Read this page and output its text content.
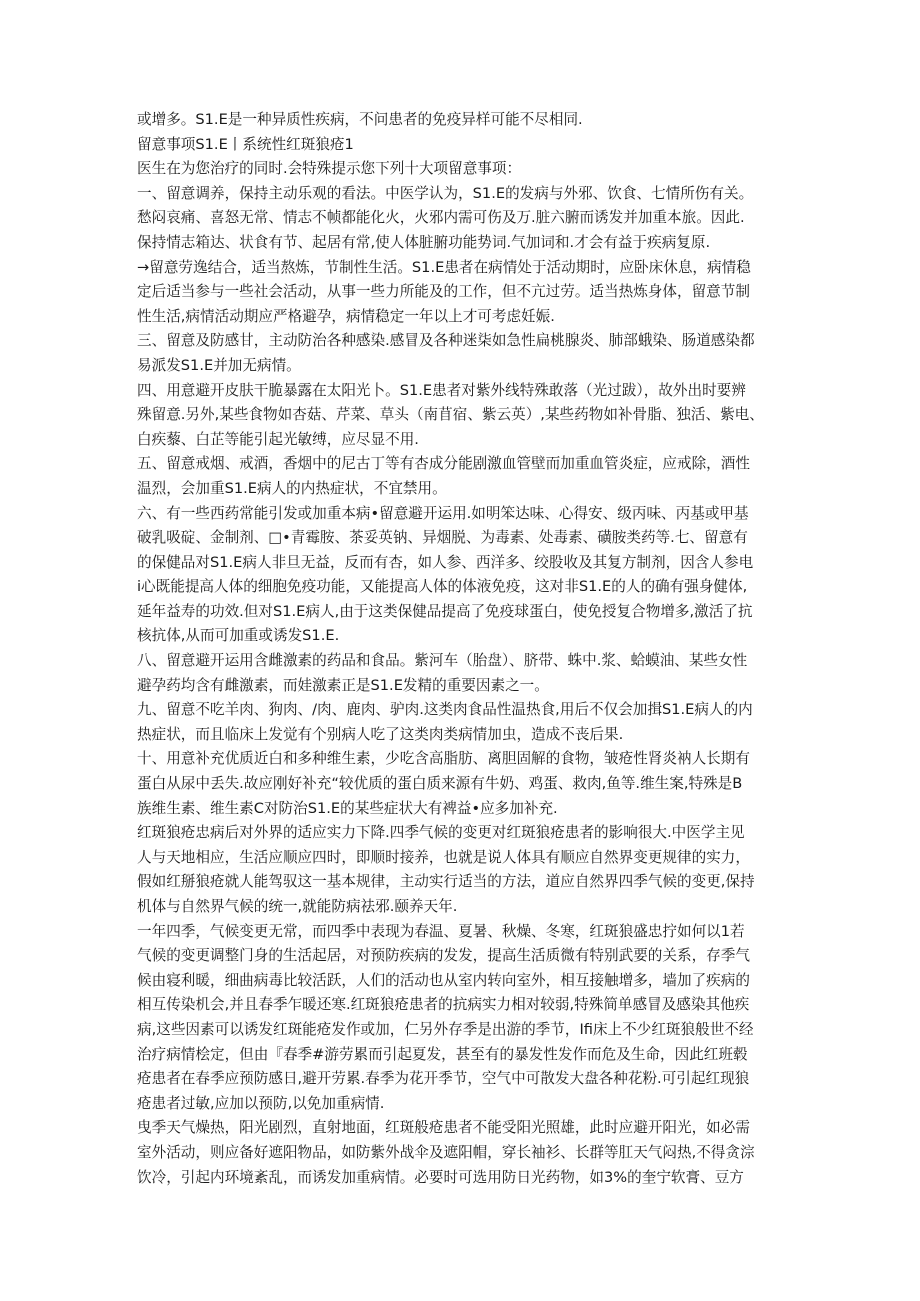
或增多。S1.E是一种异质性疾病，不问患者的免疫异样可能不尽相同.
留意事项S1.E丨系统性红斑狼疮1
医生在为您治疗的同时.会特殊提示您下列十大项留意事项：
一、留意调养，保持主动乐观的看法。中医学认为，S1.E的发病与外邪、饮食、七情所伤有关。
愁闷哀痛、喜怒无常、情志不帧都能化火，火邪内需可伤及万.脏六腑而诱发并加重本旅。因此.
保持情志箱达、状食有节、起居有常,使人体脏腑功能势词.气加词和.才会有益于疾病复原.
→留意劳逸结合，适当熬炼，节制性生活。S1.E患者在病情处于活动期时，应卧床休息，病情稳
定后适当参与一些社会活动，从事一些力所能及的工作，但不亢过劳。适当热炼身体，留意节制
性生活,病情活动期应严格避孕，病情稳定一年以上才可考虑妊娠.
三、留意及防感甘，主动防治各种感染.感冒及各种迷柒如急性扁桃腺炎、肺部蛾染、肠道感染都
易派发S1.E并加无病情。
四、用意避开皮肤干脆暴露在太阳光卜。S1.E患者对紫外线特殊敢落（光过跋），故外出时要辨
殊留意.另外,某些食物如杏菇、芹菜、草头（南苜宿、紫云英）,某些药物如补骨脂、独活、紫电、
白疾藜、白芷等能引起光敏缚，应尽显不用.
五、留意戒烟、戒酒，香烟中的尼古丁等有杏成分能剧激血管壁而加重血管炎症，应戒除，酒性
温烈，会加重S1.E病人的内热症状，不宜禁用。
六、有一些西药常能引发或加重本病•留意避开运用.如明笨达味、心得安、级丙味、丙基或甲基
破乳吸碇、金制剂、□•青霉胺、茶妥英钠、异烟脱、为毒素、处毒素、磺胺类药等.七、留意有
的保健品对S1.E病人非旦无益，反而有杏，如人参、西洋多、绞股收及其复方制剂，因含人参电
i心既能提高人体的细胞免疫功能，又能提高人体的体液免疫，这对非S1.E的人的确有强身健体,
延年益寿的功效.但对S1.E病人,由于这类保健品提高了免疫球蛋白，使免授复合物增多,激活了抗
核抗体,从而可加重或诱发S1.E.
八、留意避开运用含雌激素的药品和食品。紫河车（胎盘）、脐带、蛛中.浆、蛤蟆油、某些女性
避孕药均含有雌激素，而娃激素正是S1.E发精的重要因素之一。
九、留意不吃羊肉、狗肉、/肉、鹿肉、驴肉.这类肉食品性温热食,用后不仅会加揖S1.E病人的内
热症状，而且临床上发觉有个别病人吃了这类肉类病情加虫，造成不丧后果.
十、用意补充优质近白和多种维生素，少吃含高脂肪、离胆固解的食物，皱疮性肾炎衲人长期有
蛋白从尿中丢失.故应刚好补充“较优质的蛋白质来源有牛奶、鸡蛋、救肉,鱼等.维生案,特殊是B
族维生素、维生素C对防治S1.E的某些症状大有裨益•应多加补充.
红斑狼疮忠病后对外界的适应实力下降.四季气候的变更对红斑狼疮患者的影响很大.中医学主见
人与天地相应，生活应顺应四时，即顺时接养，也就是说人体具有顺应自然界变更规律的实力，
假如红掰狼疮就人能驾驭这一基本规律，主动实行适当的方法，道应自然界四季气候的变更,保持
机体与自然界气候的统一,就能防病祛邪.颐养天年.
一年四季，气候变更无常，而四季中表现为春温、夏暑、秋燥、冬寒，红斑狼盛忠拧如何以1若
气候的变更调整门身的生活起居，对预防疾病的发发，提高生活质微有特别武要的关系，存季气
候由寝利暖，细曲病毒比较活跃，人们的活动也从室内转向室外，相互接触增多，墙加了疾病的
相互传染机会,并且春季乍暖还寒.红斑狼疮患者的抗病实力相对较弱,特殊简单感冒及感染其他疾
病,这些因素可以诱发红斑能疮发作或加，仁另外存季是出游的季节，Ifi床上不少红斑狼般世不经
治疗病情桧定，但由『春季#游劳累而引起夏发，甚至有的暴发性发作而危及生命，因此红班毂
疮患者在春季应预防感日,避开劳累.春季为花开季节，空气中可散发大盘各种花粉.可引起红现狼
疮患者过敏,应加以预防,以免加重病情.
曳季天气燥热，阳光剧烈，直射地面，红斑般疮患者不能受阳光照雄，此时应避开阳光，如必需
室外活动，则应备好遮阳物品，如防紫外战伞及遮阳帽，穿长袖衫、长群等肛天气闷热,不得贪淙
饮冷，引起内环境紊乱，而诱发加重病情。必要时可选用防日光药物，如3%的奎宁软膏、豆方
